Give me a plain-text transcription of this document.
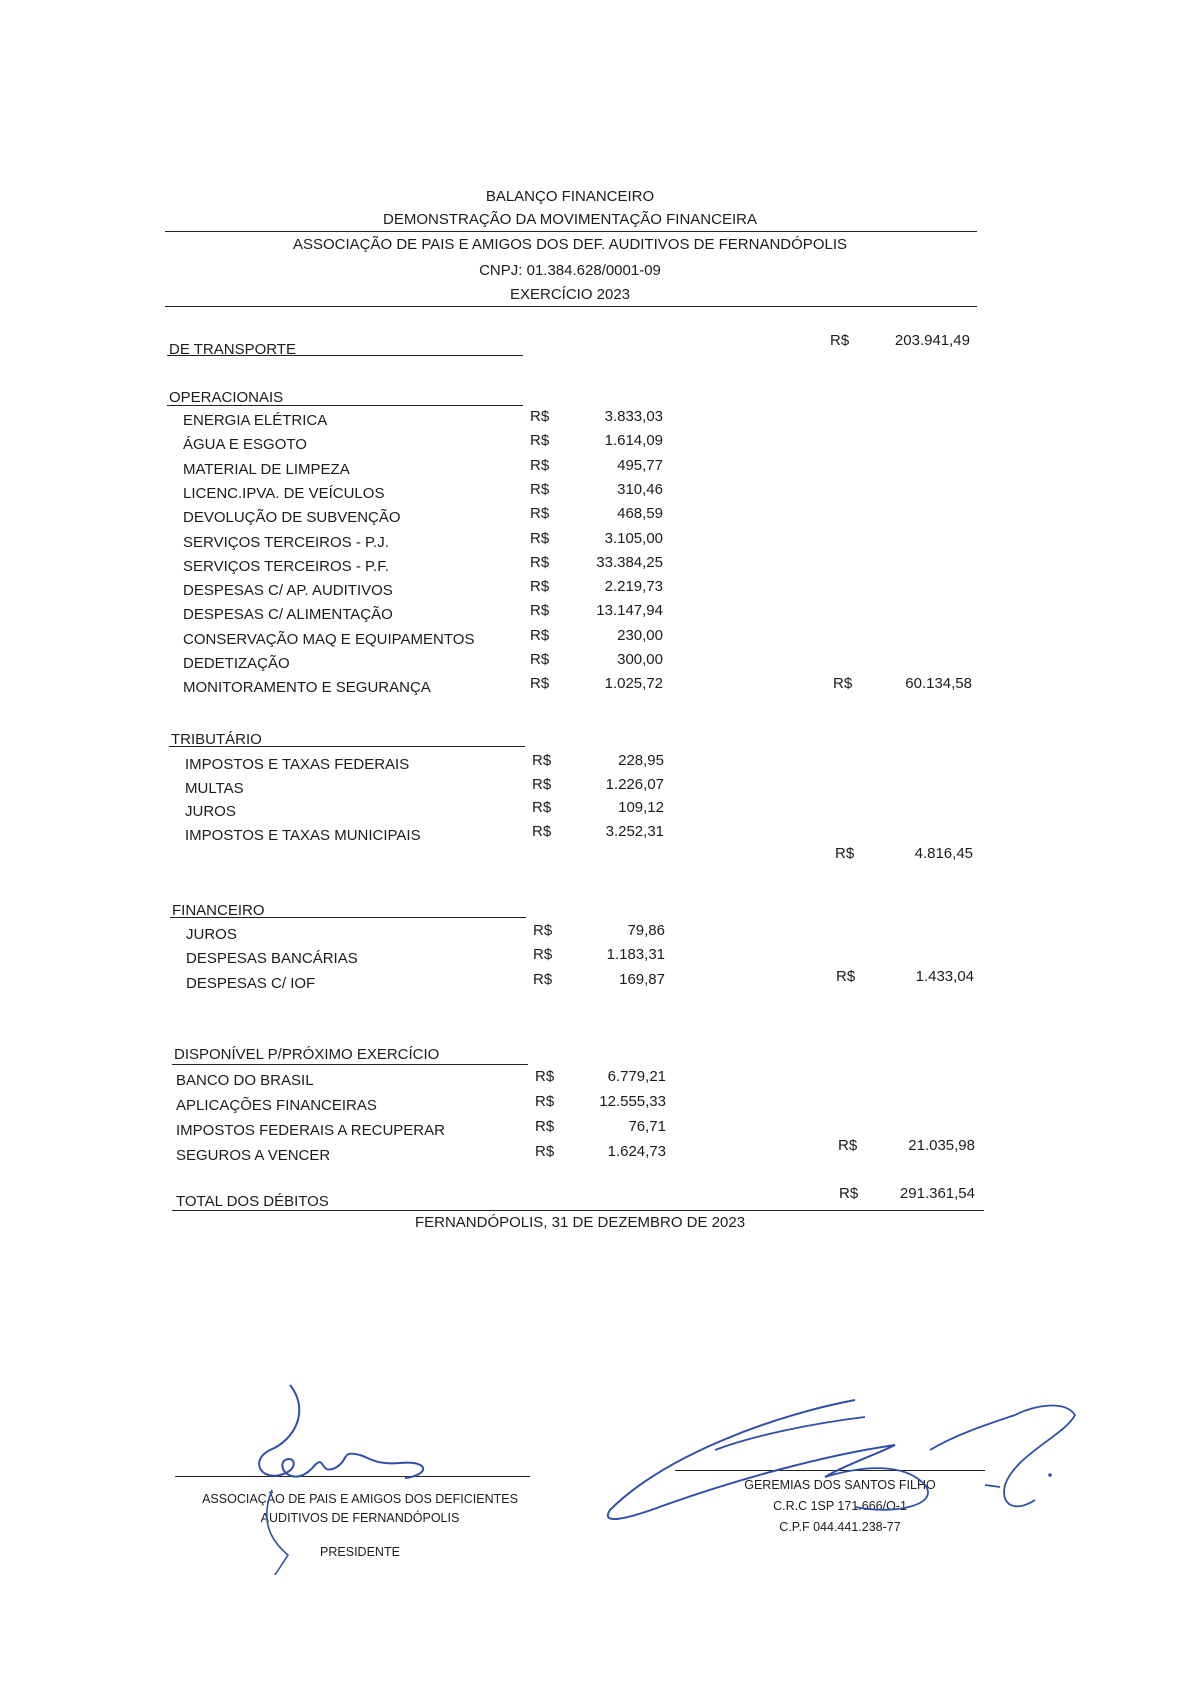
BALANÇO FINANCEIRO
DEMONSTRAÇÃO DA MOVIMENTAÇÃO FINANCEIRA
ASSOCIAÇÃO DE PAIS E AMIGOS DOS DEF. AUDITIVOS DE FERNANDÓPOLIS
CNPJ: 01.384.628/0001-09
EXERCÍCIO 2023
DE TRANSPORTE
R$	203.941,49
OPERACIONAIS
ENERGIA ELÉTRICA	R$	3.833,03
ÁGUA E ESGOTO	R$	1.614,09
MATERIAL DE LIMPEZA	R$	495,77
LICENC.IPVA. DE VEÍCULOS	R$	310,46
DEVOLUÇÃO DE SUBVENÇÃO	R$	468,59
SERVIÇOS TERCEIROS - P.J.	R$	3.105,00
SERVIÇOS TERCEIROS - P.F.	R$	33.384,25
DESPESAS C/ AP. AUDITIVOS	R$	2.219,73
DESPESAS C/ ALIMENTAÇÃO	R$	13.147,94
CONSERVAÇÃO MAQ E EQUIPAMENTOS	R$	230,00
DEDETIZAÇÃO	R$	300,00
MONITORAMENTO E SEGURANÇA	R$	1.025,72	R$	60.134,58
TRIBUTÁRIO
IMPOSTOS E TAXAS FEDERAIS	R$	228,95
MULTAS	R$	1.226,07
JUROS	R$	109,12
IMPOSTOS E TAXAS MUNICIPAIS	R$	3.252,31
R$	4.816,45
FINANCEIRO
JUROS	R$	79,86
DESPESAS BANCÁRIAS	R$	1.183,31
DESPESAS C/ IOF	R$	169,87	R$	1.433,04
DISPONÍVEL P/PRÓXIMO EXERCÍCIO
BANCO DO BRASIL	R$	6.779,21
APLICAÇÕES FINANCEIRAS	R$	12.555,33
IMPOSTOS FEDERAIS A RECUPERAR	R$	76,71
SEGUROS A VENCER	R$	1.624,73	R$	21.035,98
TOTAL DOS DÉBITOS	R$	291.361,54
FERNANDÓPOLIS, 31 DE DEZEMBRO DE 2023
ASSOCIAÇÃO DE PAIS E AMIGOS DOS DEFICIENTES
AUDITIVOS DE FERNANDÓPOLIS
PRESIDENTE
GEREMIAS DOS SANTOS FILHO
C.R.C 1SP 171.666/O-1
C.P.F 044.441.238-77
